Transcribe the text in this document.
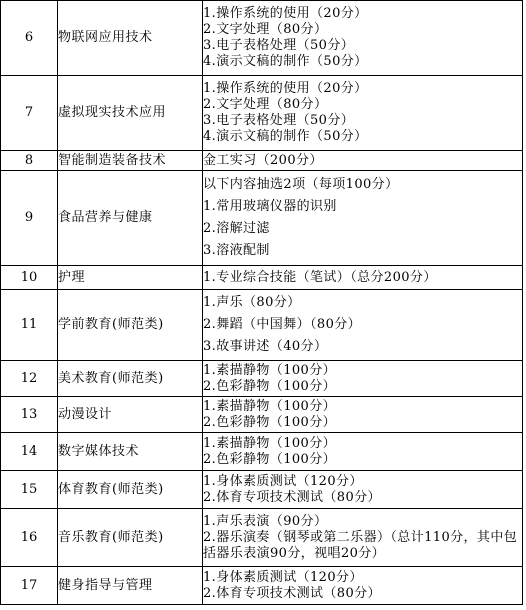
6	物联网应用技术	1.操作系统的使用（20分）
2.文字处理（80分）
3.电子表格处理（50分）
4.演示文稿的制作（50分）

7	虚拟现实技术应用	1.操作系统的使用（20分）
2.文字处理（80分）
3.电子表格处理（50分）
4.演示文稿的制作（50分）

8	智能制造装备技术	金工实习（200分）

9	食品营养与健康	以下内容抽选2项（每项100分）
1.常用玻璃仪器的识别
2.溶解过滤
3.溶液配制

10	护理	1.专业综合技能（笔试）（总分200分）

11	学前教育(师范类)	1.声乐（80分）
2.舞蹈（中国舞）（80分）
3.故事讲述（40分）

12	美术教育(师范类)	1.素描静物（100分）
2.色彩静物（100分）

13	动漫设计	1.素描静物（100分）
2.色彩静物（100分）

14	数字媒体技术	1.素描静物（100分）
2.色彩静物（100分）

15	体育教育(师范类)	1.身体素质测试（120分）
2.体育专项技术测试（80分）

16	音乐教育(师范类)	1.声乐表演（90分）
2.器乐演奏（钢琴或第二乐器）（总计110分，其中包括器乐表演90分，视唱20分）

17	健身指导与管理	1.身体素质测试（120分）
2.体育专项技术测试（80分）
